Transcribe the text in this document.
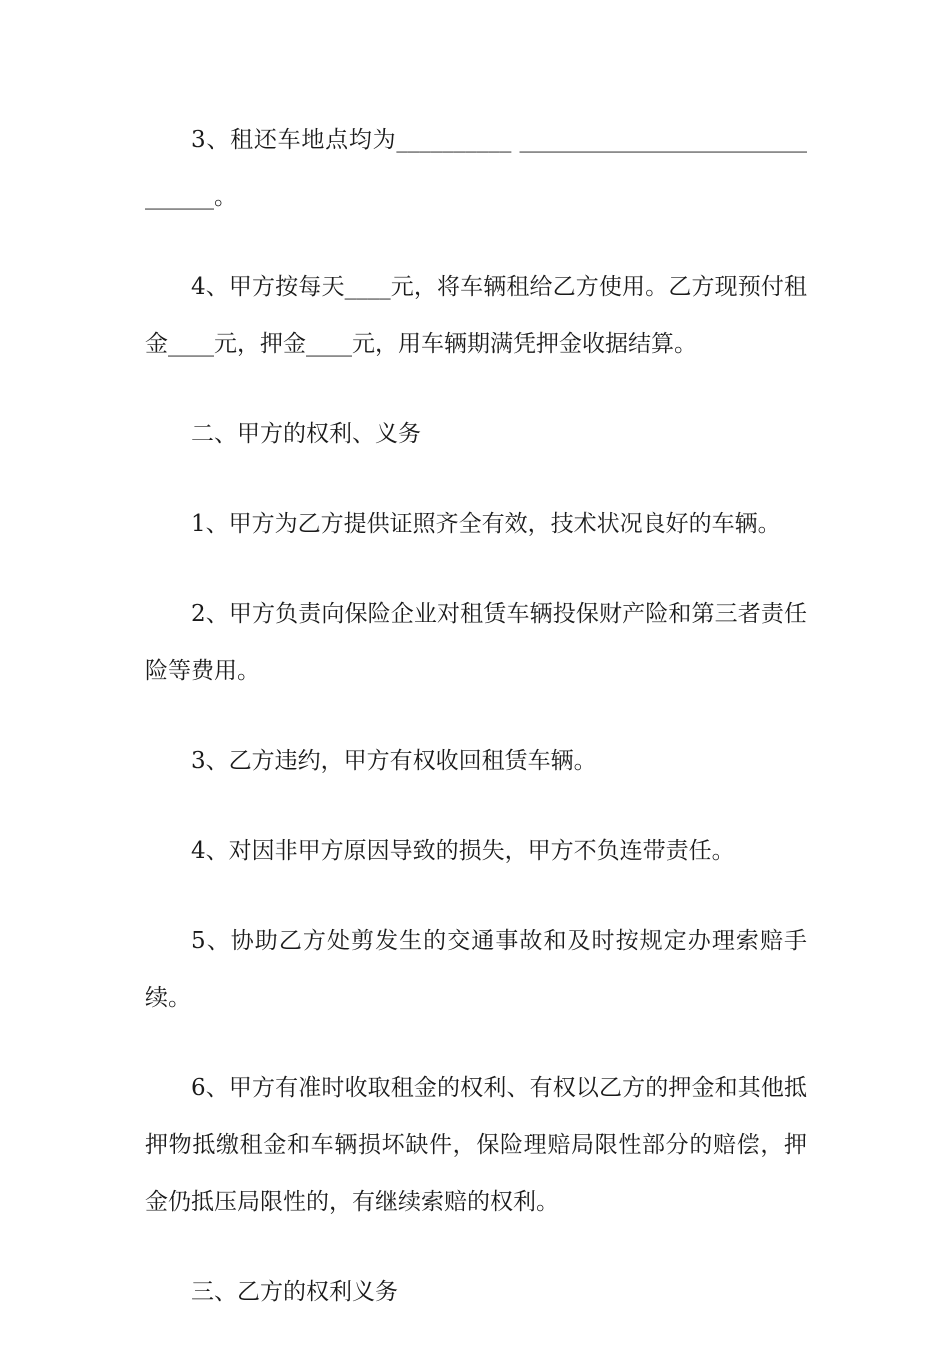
3、租还车地点均为__________ _________________________ ______。

4、甲方按每天____元，将车辆租给乙方使用。乙方现预付租金____元，押金____元，用车辆期满凭押金收据结算。

二、甲方的权利、义务

1、甲方为乙方提供证照齐全有效，技术状况良好的车辆。

2、甲方负责向保险企业对租赁车辆投保财产险和第三者责任险等费用。

3、乙方违约，甲方有权收回租赁车辆。

4、对因非甲方原因导致的损失，甲方不负连带责任。

5、协助乙方处剪发生的交通事故和及时按规定办理索赔手续。

6、甲方有准时收取租金的权利、有权以乙方的押金和其他抵押物抵缴租金和车辆损坏缺件，保险理赔局限性部分的赔偿，押金仍抵压局限性的，有继续索赔的权利。

三、乙方的权利义务
